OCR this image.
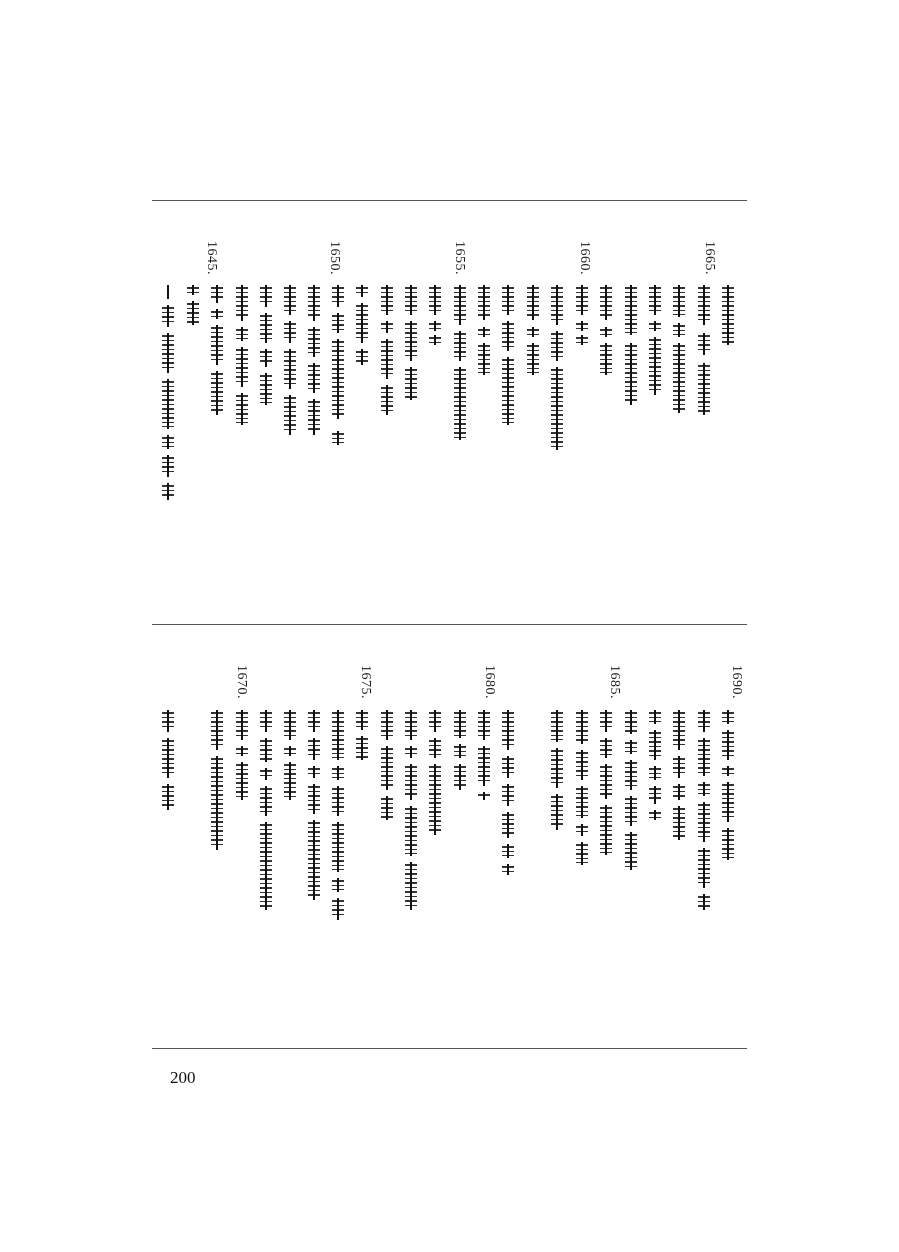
1665.
1660.
1655.
1650.
1645.
1690.
1685.
1680.
1675.
1670.
200
